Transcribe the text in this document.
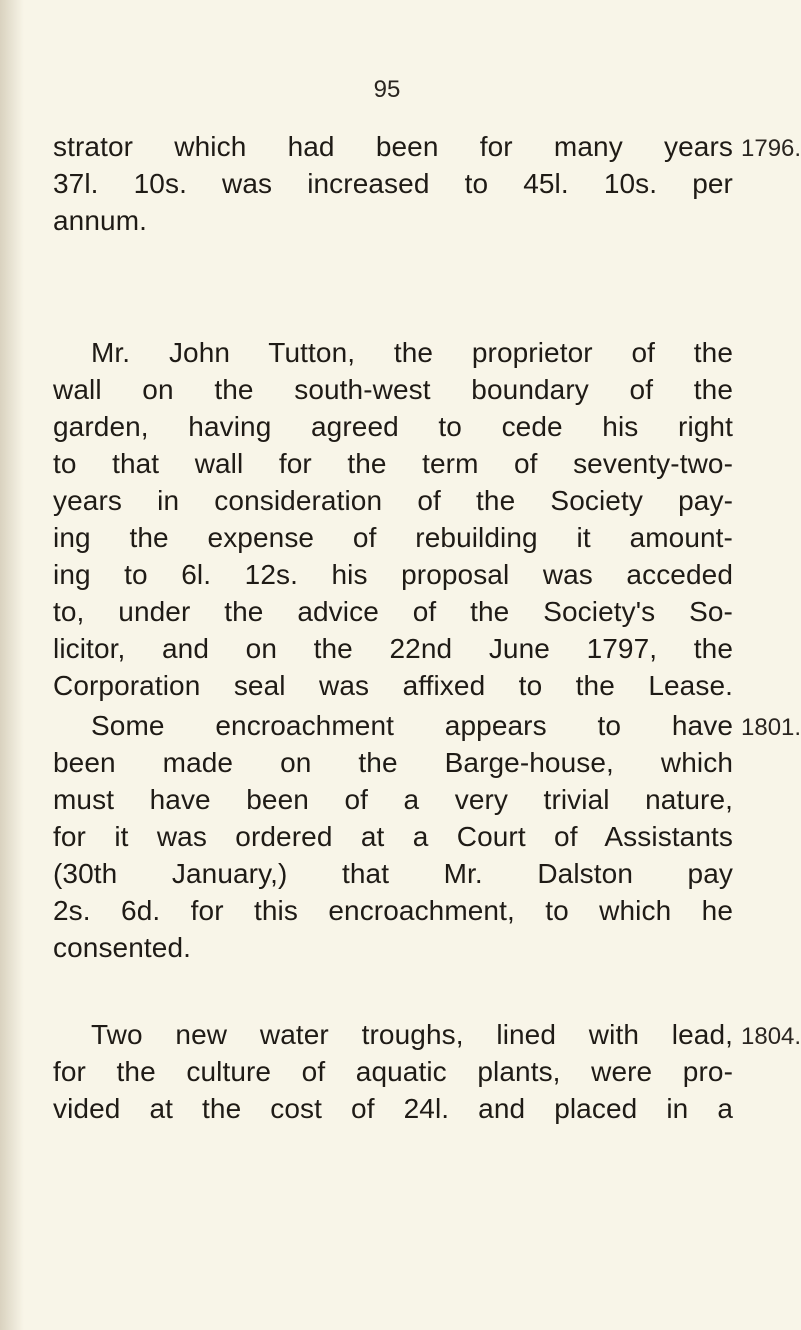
95
1796.
1801.
1804.
strator which had been for many years
37l. 10s. was increased to 45l. 10s. per
annum.
Mr. John Tutton, the proprietor of the
wall on the south-west boundary of the
garden, having agreed to cede his right
to that wall for the term of seventy-two-
years in consideration of the Society pay-
ing the expense of rebuilding it amount-
ing to 6l. 12s. his proposal was acceded
to, under the advice of the Society's So-
licitor, and on the 22nd June 1797, the
Corporation seal was affixed to the Lease.
Some encroachment appears to have
been made on the Barge-house, which
must have been of a very trivial nature,
for it was ordered at a Court of Assistants
(30th January,) that Mr. Dalston pay
2s. 6d. for this encroachment, to which he
consented.
Two new water troughs, lined with lead,
for the culture of aquatic plants, were pro-
vided at the cost of 24l. and placed in a
